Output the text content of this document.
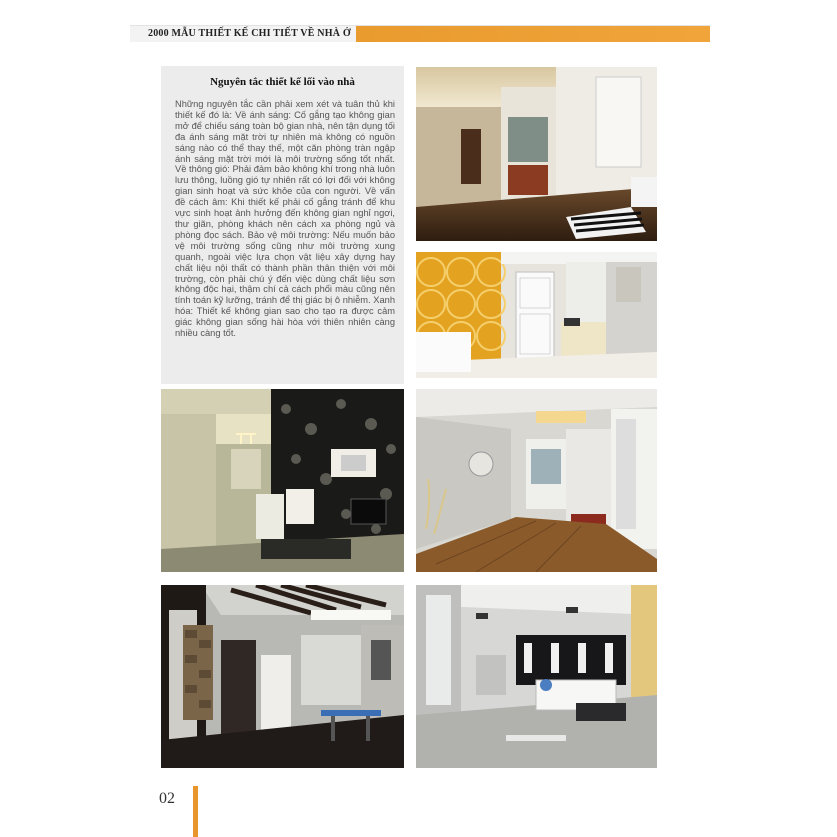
2000 MẪU THIẾT KẾ CHI TIẾT VỀ NHÀ Ở
Nguyên tắc thiết kế lối vào nhà
Những nguyên tắc cần phải xem xét và tuân thủ khi thiết kế đó là: Về ánh sáng: Cố gắng tạo không gian mở để chiếu sáng toàn bộ gian nhà, nên tận dụng tối đa ánh sáng mặt trời tự nhiên mà không có nguồn sáng nào có thể thay thế, một căn phòng tràn ngập ánh sáng mặt trời mới là môi trường sống tốt nhất. Về thông gió: Phải đảm bảo không khí trong nhà luôn lưu thông, luồng gió tự nhiên rất có lợi đối với không gian sinh hoạt và sức khỏe của con người. Về vấn đề cách âm: Khi thiết kế phải cố gắng tránh để khu vực sinh hoạt ảnh hưởng đến không gian nghỉ ngơi, thư giãn, phòng khách nên cách xa phòng ngủ và phòng đọc sách. Bảo vệ môi trường: Nếu muốn bảo vệ môi trường sống cũng như môi trường xung quanh, ngoài việc lựa chọn vật liệu xây dựng hay chất liệu nội thất có thành phần thân thiện với môi trường, còn phải chú ý đến việc dùng chất liệu sơn không độc hại, thậm chí cả cách phối màu cũng nên tính toán kỹ lưỡng, tránh để thị giác bị ô nhiễm. Xanh hóa: Thiết kế không gian sao cho tạo ra được cảm giác không gian sống hài hòa với thiên nhiên càng nhiều càng tốt.
02
